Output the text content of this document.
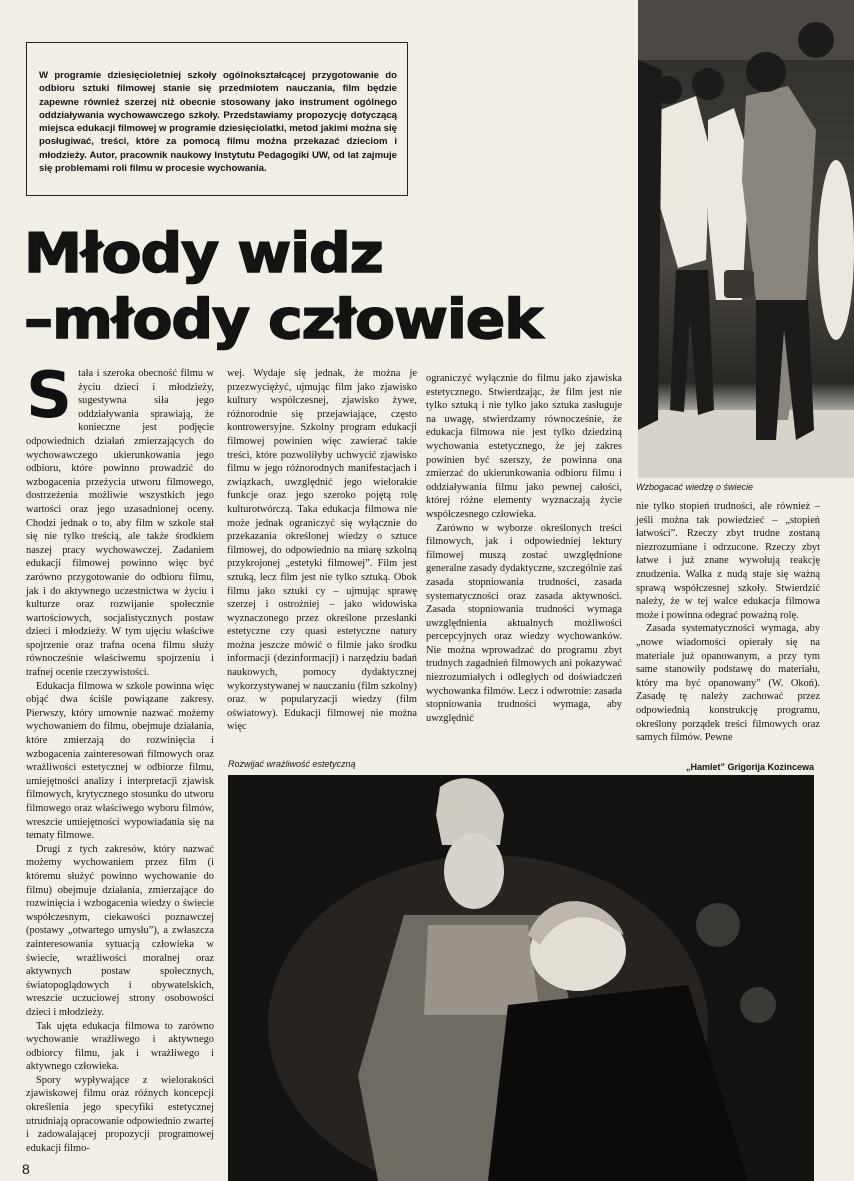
W programie dziesięcioletniej szkoły ogólnokształcącej przygotowanie do odbioru sztuki filmowej stanie się przedmiotem nauczania, film będzie zapewne również szerzej niż obecnie stosowany jako instrument ogólnego oddziaływania wychowawczego szkoły. Przedstawiamy propozycję dotyczącą miejsca edukacji filmowej w programie dziesięciolatki, metod jakimi można się posługiwać, treści, które za pomocą filmu można przekazać dzieciom i młodzieży. Autor, pracownik naukowy Instytutu Pedagogiki UW, od lat zajmuje się problemami roli filmu w procesie wychowania.

Młody widz
–młody człowiek

Wzbogacać wiedzę o świecie

Stała i szeroka obecność filmu w życiu dzieci i młodzieży, sugestywna siła jego oddziaływania sprawiają, że konieczne jest podjęcie odpowiednich działań zmierzających do wychowawczego ukierunkowania jego odbioru, które powinno prowadzić do wzbogacenia przeżycia utworu filmowego, dostrzeżenia możliwie wszystkich jego wartości oraz jego uzasadnionej oceny. Chodzi jednak o to, aby film w szkole stał się nie tylko treścią, ale także środkiem naszej pracy wychowawczej. Zadaniem edukacji filmowej powinno więc być zarówno przygotowanie do odbioru filmu, jak i do aktywnego uczestnictwa w życiu i kulturze oraz rozwijanie społecznie wartościowych, socjalistycznych postaw dzieci i młodzieży. W tym ujęciu właściwe spojrzenie oraz trafna ocena filmu służy równocześnie właściwemu spojrzeniu i trafnej ocenie rzeczywistości.

Edukacja filmowa w szkole powinna więc objąć dwa ściśle powiązane zakresy. Pierwszy, który umownie nazwać możemy wychowaniem do filmu, obejmuje działania, które zmierzają do rozwinięcia i wzbogacenia zainteresowań filmowych oraz wrażliwości estetycznej w odbiorze filmu, umiejętności analizy i interpretacji zjawisk filmowych, krytycznego stosunku do utworu filmowego oraz właściwego wyboru filmów, wreszcie umiejętności wypowiadania się na tematy filmowe.

Drugi z tych zakresów, który nazwać możemy wychowaniem przez film (i któremu służyć powinno wychowanie do filmu) obejmuje działania, zmierzające do rozwinięcia i wzbogacenia wiedzy o świecie współczesnym, ciekawości poznawczej (postawy „otwartego umysłu”), a zwłaszcza zainteresowania sytuacją człowieka w świecie, wrażliwości moralnej oraz aktywnych postaw społecznych, światopoglądowych i obywatelskich, wreszcie uczuciowej strony osobowości dzieci i młodzieży.

Tak ujęta edukacja filmowa to zarówno wychowanie wrażliwego i aktywnego odbiorcy filmu, jak i wrażliwego i aktywnego człowieka.

Spory wypływające z wielorakości zjawiskowej filmu oraz różnych koncepcji określenia jego specyfiki estetycznej utrudniają opracowanie odpowiednio zwartej i zadowalającej propozycji programowej edukacji filmo-

wej. Wydaje się jednak, że można je przezwyciężyć, ujmując film jako zjawisko kultury współczesnej, zjawisko żywe, różnorodnie się przejawiające, często kontrowersyjne. Szkolny program edukacji filmowej powinien więc zawierać takie treści, które pozwoliłyby uchwycić zjawisko filmu w jego różnorodnych manifestacjach i związkach, uwzględnić jego wielorakie funkcje oraz jego szeroko pojętą rolę kulturotwórczą. Taka edukacja filmowa nie może jednak ograniczyć się wyłącznie do przekazania określonej wiedzy o sztuce filmowej, do odpowiednio na miarę szkolną przykrojonej „estetyki filmowej”. Film jest sztuką, lecz film jest nie tylko sztuką. Obok filmu jako sztuki cy – ujmując sprawę szerzej i ostrożniej – jako widowiska wyznaczonego przez określone przesłanki estetyczne czy quasi estetyczne natury można jeszcze mówić o filmie jako środku informacji (dezinformacji) i narzędziu badań naukowych, pomocy dydaktycznej wykorzystywanej w nauczaniu (film szkolny) oraz w popularyzacji wiedzy (film oświatowy). Edukacji filmowej nie można więc

ograniczyć wyłącznie do filmu jako zjawiska estetycznego. Stwierdzając, że film jest nie tylko sztuką i nie tylko jako sztuka zasługuje na uwagę, stwierdzamy równocześnie, że edukacja filmowa nie jest tylko dziedziną wychowania estetycznego, że jej zakres powinien być szerszy, że powinna ona zmierzać do ukierunkowania odbioru filmu i oddziaływania filmu jako pewnej całości, której różne elementy wyznaczają życie współczesnego człowieka.

Zarówno w wyborze określonych treści filmowych, jak i odpowiedniej lektury filmowej muszą zostać uwzględnione generalne zasady dydaktyczne, szczególnie zaś zasada stopniowania trudności, zasada systematyczności oraz zasada aktywności. Zasada stopniowania trudności wymaga uwzględnienia aktualnych możliwości percepcyjnych oraz wiedzy wychowanków. Nie można wprowadzać do programu zbyt trudnych zagadnień filmowych ani pokazywać niezrozumiałych i odległych od doświadczeń wychowanka filmów. Lecz i odwrotnie: zasada stopniowania trudności wymaga, aby uwzględnić

nie tylko stopień trudności, ale również – jeśli można tak powiedzieć – „stopień łatwości”. Rzeczy zbyt trudne zostaną niezrozumiane i odrzucone. Rzeczy zbyt łatwe i już znane wywołują reakcję znudzenia. Walka z nudą staje się ważną sprawą współczesnej szkoły. Stwierdzić należy, że w tej walce edukacja filmowa może i powinna odegrać poważną rolę.

Zasada systematyczności wymaga, aby „nowe wiadomości opierały się na materiale już opanowanym, a przy tym same stanowiły podstawę do materiału, który ma być opanowany” (W. Okoń). Zasadę tę należy zachować przez odpowiednią konstrukcję programu, określony porządek treści filmowych oraz samych filmów. Pewne

Rozwijać wrażliwość estetyczną	„Hamlet” Grigorija Kozincewa

8
